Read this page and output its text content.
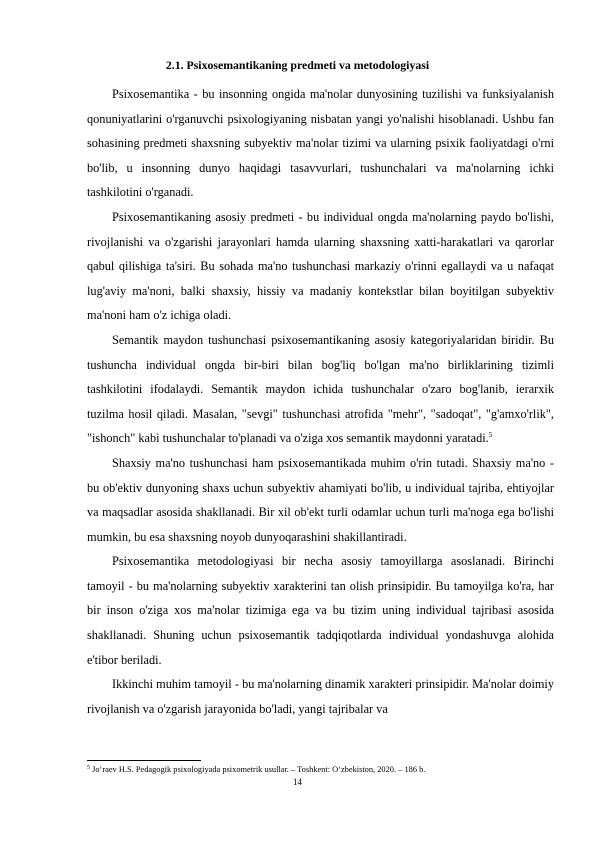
2.1. Psixosemantikaning predmeti va metodologiyasi

Psixosemantika - bu insonning ongida ma'nolar dunyosining tuzilishi va funksiyalanish qonuniyatlarini o'rganuvchi psixologiyaning nisbatan yangi yo'nalishi hisoblanadi. Ushbu fan sohasining predmeti shaxsning subyektiv ma'nolar tizimi va ularning psixik faoliyatdagi o'rni bo'lib, u insonning dunyo haqidagi tasavvurlari, tushunchalari va ma'nolarning ichki tashkilotini o'rganadi.

Psixosemantikaning asosiy predmeti - bu individual ongda ma'nolarning paydo bo'lishi, rivojlanishi va o'zgarishi jarayonlari hamda ularning shaxsning xatti-harakatlari va qarorlar qabul qilishiga ta'siri. Bu sohada ma'no tushunchasi markaziy o'rinni egallaydi va u nafaqat lug'aviy ma'noni, balki shaxsiy, hissiy va madaniy kontekstlar bilan boyitilgan subyektiv ma'noni ham o'z ichiga oladi.

Semantik maydon tushunchasi psixosemantikaning asosiy kategoriyalaridan biridir. Bu tushuncha individual ongda bir-biri bilan bog'liq bo'lgan ma'no birliklarining tizimli tashkilotini ifodalaydi. Semantik maydon ichida tushunchalar o'zaro bog'lanib, ierarxik tuzilma hosil qiladi. Masalan, "sevgi" tushunchasi atrofida "mehr", "sadoqat", "g'amxo'rlik", "ishonch" kabi tushunchalar to'planadi va o'ziga xos semantik maydonni yaratadi.$^5$

Shaxsiy ma'no tushunchasi ham psixosemantikada muhim o'rin tutadi. Shaxsiy ma'no - bu ob'ektiv dunyoning shaxs uchun subyektiv ahamiyati bo'lib, u individual tajriba, ehtiyojlar va maqsadlar asosida shakllanadi. Bir xil ob'ekt turli odamlar uchun turli ma'noga ega bo'lishi mumkin, bu esa shaxsning noyob dunyoqarashini shakillantiradi.

Psixosemantika metodologiyasi bir necha asosiy tamoyillarga asoslanadi. Birinchi tamoyil - bu ma'nolarning subyektiv xarakterini tan olish prinsipidir. Bu tamoyilga ko'ra, har bir inson o'ziga xos ma'nolar tizimiga ega va bu tizim uning individual tajribasi asosida shakllanadi. Shuning uchun psixosemantik tadqiqotlarda individual yondashuvga alohida e'tibor beriladi.

Ikkinchi muhim tamoyil - bu ma'nolarning dinamik xarakteri prinsipidir. Ma'nolar doimiy rivojlanish va o'zgarish jarayonida bo'ladi, yangi tajribalar va

$^5$ Jo‘raev H.S. Pedagogik psixologiyada psixometrik usullar. – Toshkent: O‘zbekiston, 2020. – 186 b.
14
